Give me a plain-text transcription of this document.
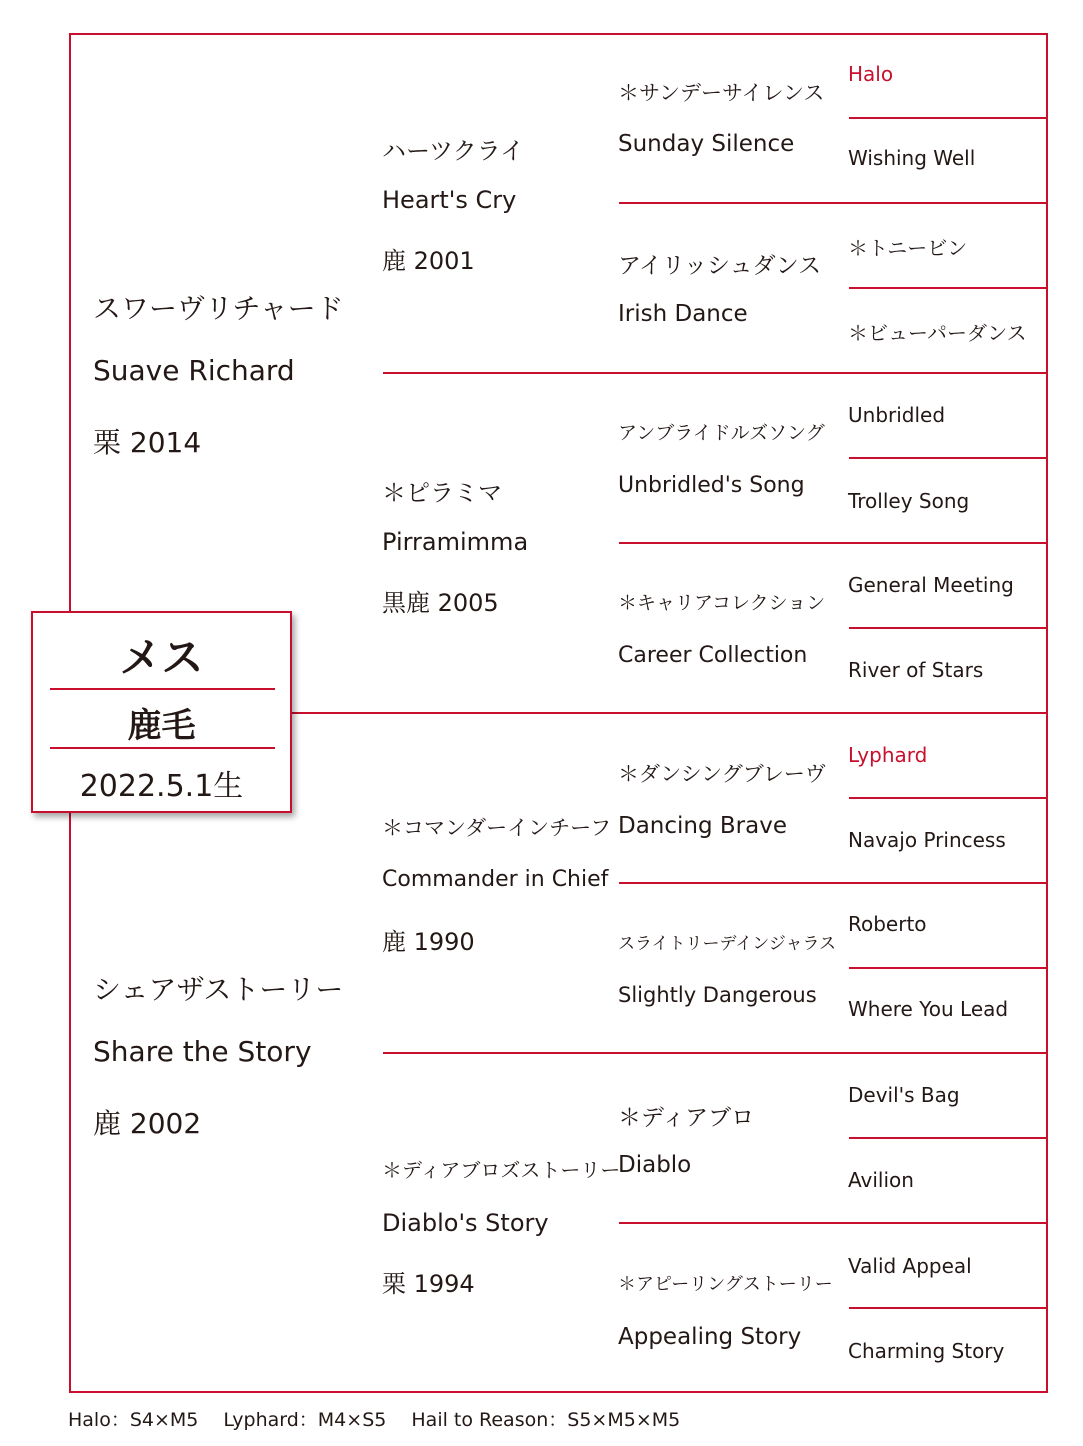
スワーヴリチャード
Suave Richard
栗 2014
シェアザストーリー
Share the Story
鹿 2002
ハーツクライ
Heart's Cry
鹿 2001
＊ピラミマ
Pirramimma
黒鹿 2005
＊コマンダーインチーフ
Commander in Chief
鹿 1990
＊ディアブロズストーリー
Diablo's Story
栗 1994
＊サンデーサイレンス
Sunday Silence
アイリッシュダンス
Irish Dance
アンブライドルズソング
Unbridled's Song
＊キャリアコレクション
Career Collection
＊ダンシングブレーヴ
Dancing Brave
スライトリーデインジャラス
Slightly Dangerous
＊ディアブロ
Diablo
＊アピーリングストーリー
Appealing Story
Halo
Wishing Well
＊トニービン
＊ビューパーダンス
Unbridled
Trolley Song
General Meeting
River of Stars
Lyphard
Navajo Princess
Roberto
Where You Lead
Devil's Bag
Avilion
Valid Appeal
Charming Story
メス
鹿毛
2022.5.1生
Halo：S4×M5　 Lyphard：M4×S5　 Hail to Reason：S5×M5×M5
